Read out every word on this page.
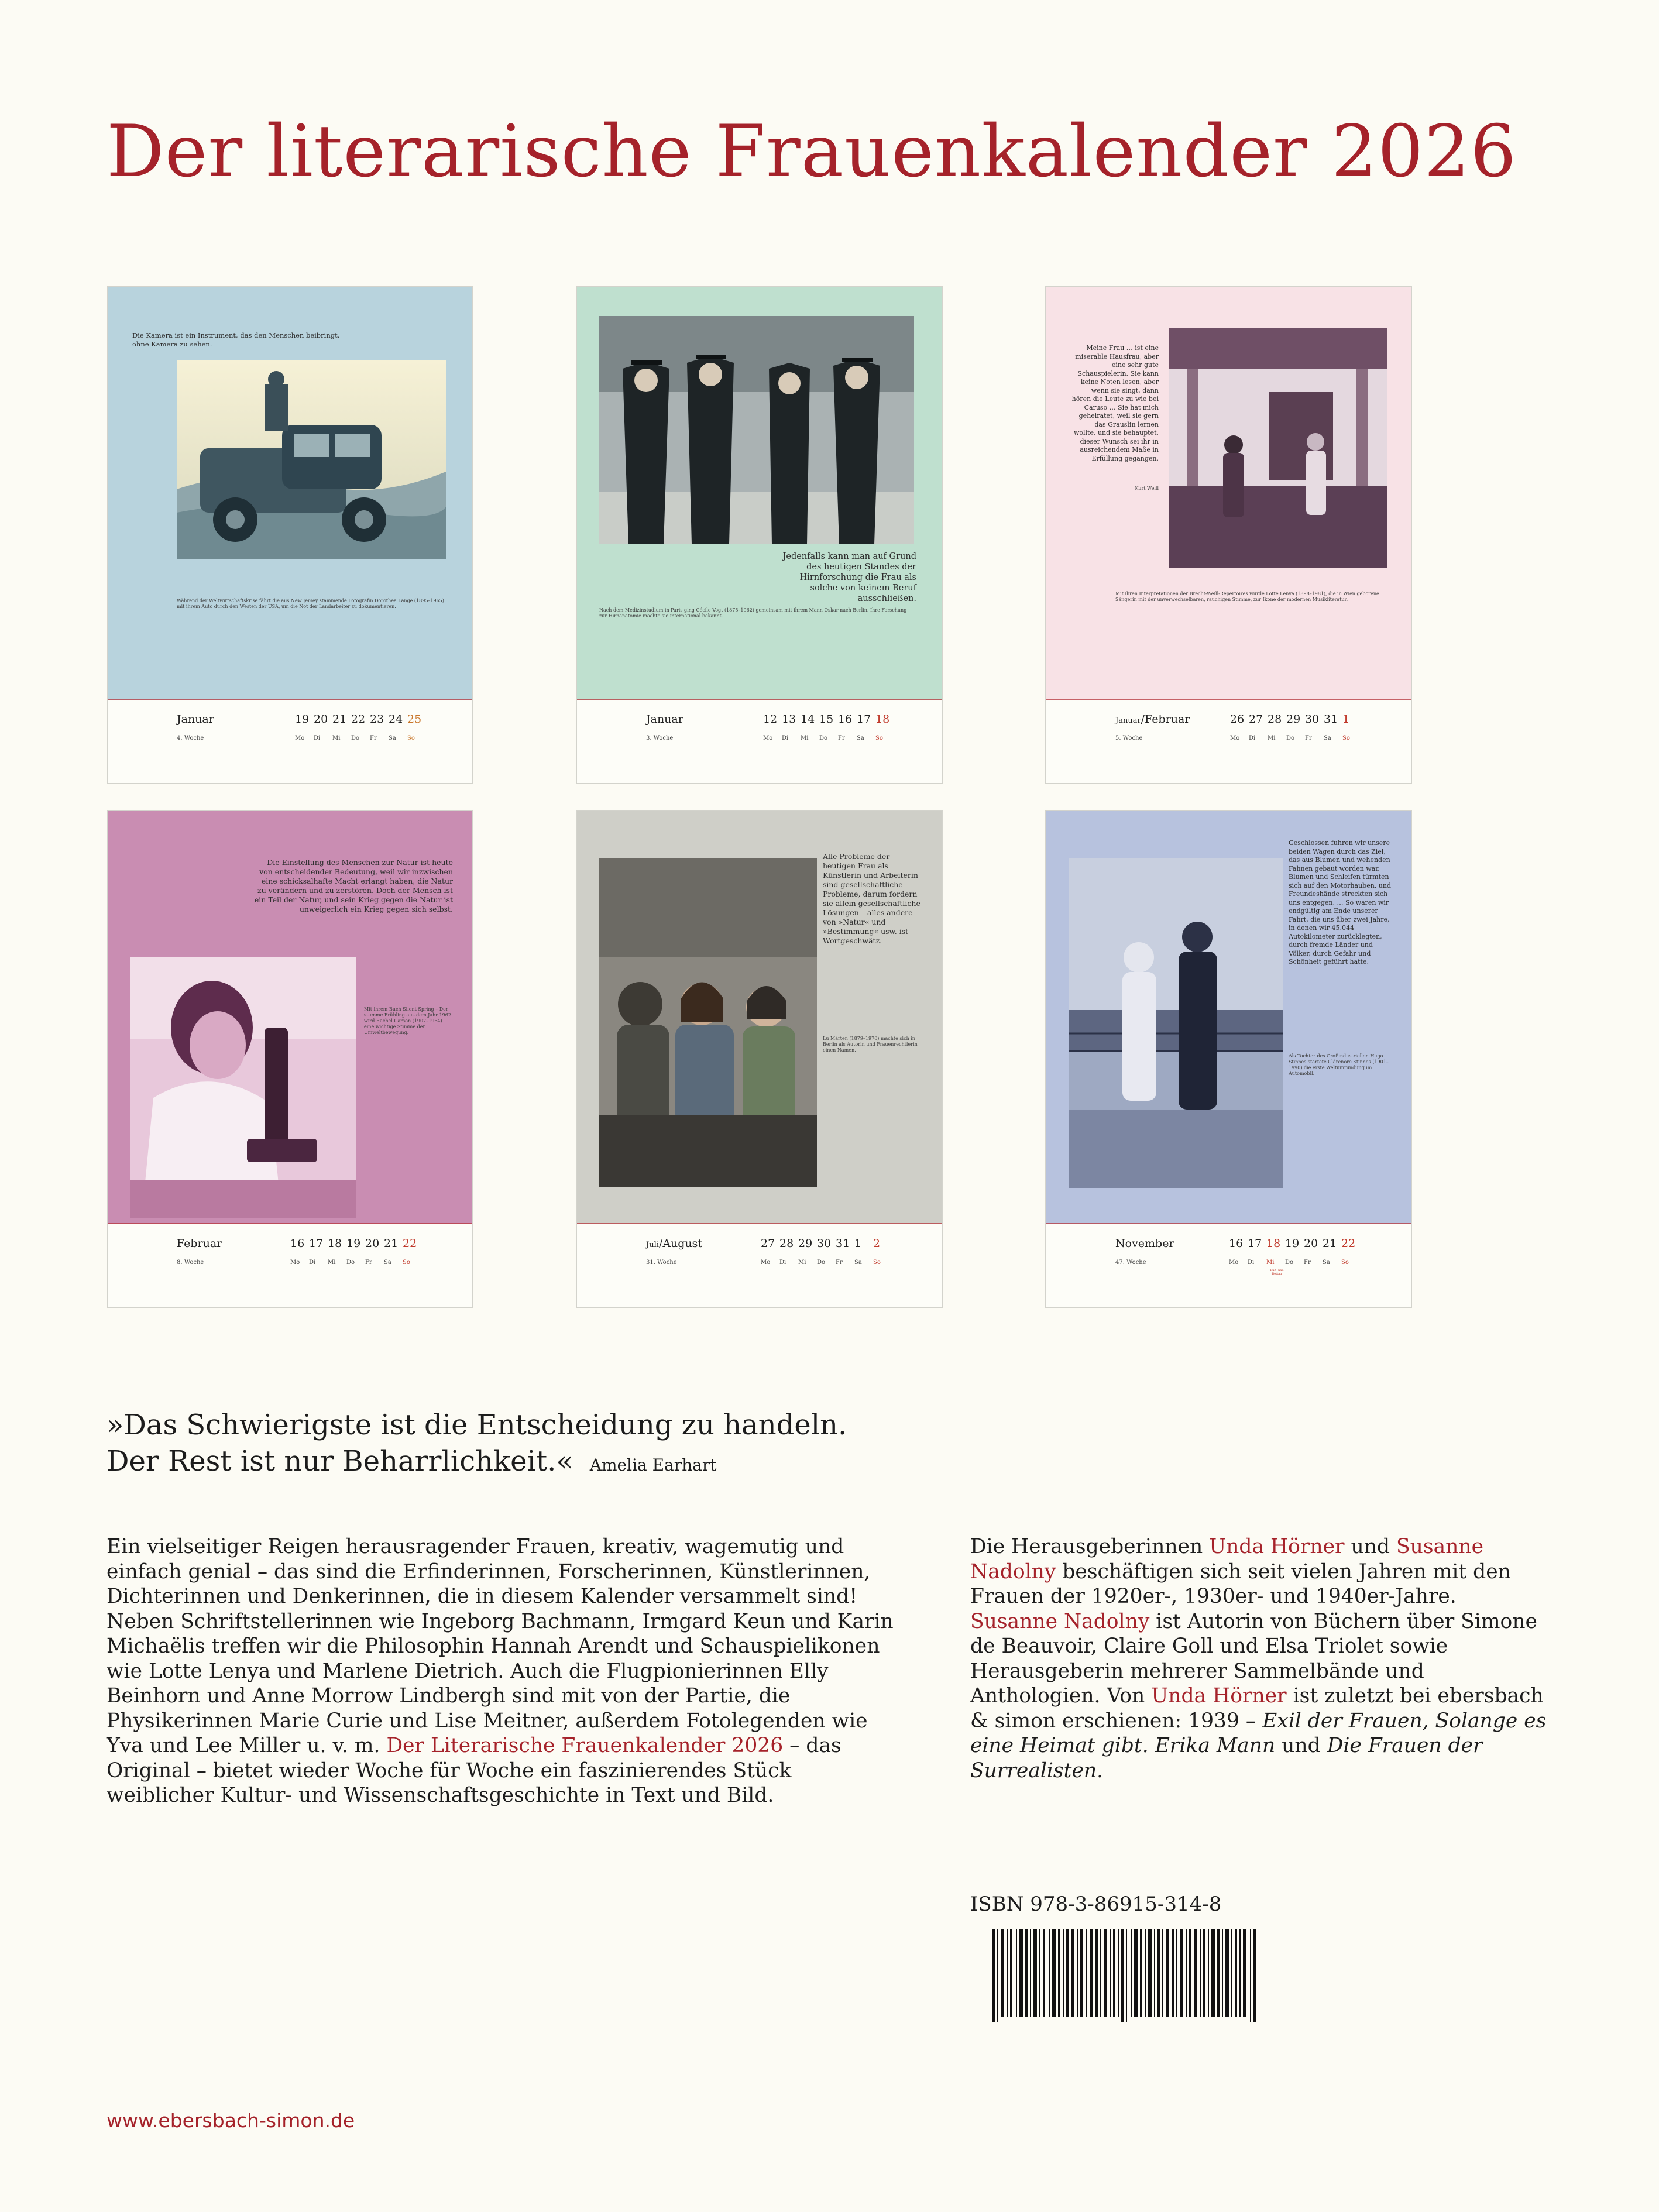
Der literarische Frauenkalender 2026
Die Kamera ist ein Instrument, das den Menschen beibringt, ohne Kamera zu sehen.
Während der Weltwirtschaftskrise fährt die aus New Jersey stammende Fotografin Dorothea Lange (1895–1965) mit ihrem Auto durch den Westen der USA, um die Not der Landarbeiter zu dokumentieren.
Januar
4. Woche
19 20 21 22 23 24 25
Mo	Di	Mi	Do	Fr	Sa	So
Jedenfalls kann man auf Grund des heutigen Standes der Hirnforschung die Frau als solche von keinem Beruf ausschließen.
Nach dem Medizinstudium in Paris ging Cécile Vogt (1875–1962) gemeinsam mit ihrem Mann Oskar nach Berlin. Ihre Forschung zur Hirnanatomie machte sie international bekannt.
Januar
3. Woche
12 13 14 15 16 17 18
Mo	Di	Mi	Do	Fr	Sa	So
Meine Frau … ist eine miserable Hausfrau, aber eine sehr gute Schauspielerin. Sie kann keine Noten lesen, aber wenn sie singt, dann hören die Leute zu wie bei Caruso … Sie hat mich geheiratet, weil sie gern das Grauslin lernen wollte, und sie behauptet, dieser Wunsch sei ihr in ausreichendem Maße in Erfüllung gegangen.
Kurt Weill
Mit ihren Interpretationen der Brecht-Weill-Repertoires wurde Lotte Lenya (1898–1981), die in Wien geborene Sängerin mit der unverwechselbaren, rauchigen Stimme, zur Ikone der modernen Musikliteratur.
Januar/Februar
5. Woche
26 27 28 29 30 31 1
Mo	Di	Mi	Do	Fr	Sa	So
Die Einstellung des Menschen zur Natur ist heute von entscheidender Bedeutung, weil wir inzwischen eine schicksalhafte Macht erlangt haben, die Natur zu verändern und zu zerstören. Doch der Mensch ist ein Teil der Natur, und sein Krieg gegen die Natur ist unweigerlich ein Krieg gegen sich selbst.
Mit ihrem Buch Silent Spring – Der stumme Frühling aus dem Jahr 1962 wird Rachel Carson (1907–1964) eine wichtige Stimme der Umweltbewegung.
Februar
8. Woche
16 17 18 19 20 21 22
Mo	Di	Mi	Do	Fr	Sa	So
Alle Probleme der heutigen Frau als Künstlerin und Arbeiterin sind gesellschaftliche Probleme, darum fordern sie allein gesellschaftliche Lösungen – alles andere von »Natur« und »Bestimmung« usw. ist Wortgeschwätz.
Lu Märten (1879–1970) machte sich in Berlin als Autorin und Frauenrechtlerin einen Namen.
Juli/August
31. Woche
27 28 29 30 31 1	2
Mo	Di	Mi	Do	Fr	Sa	So
Geschlossen fuhren wir unsere beiden Wagen durch das Ziel, das aus Blumen und wehenden Fahnen gebaut worden war. Blumen und Schleifen türmten sich auf den Motorhauben, und Freundeshände streckten sich uns entgegen. … So waren wir endgültig am Ende unserer Fahrt, die uns über zwei Jahre, in denen wir 45.044 Autokilometer zurücklegten, durch fremde Länder und Völker, durch Gefahr und Schönheit geführt hatte.
Als Tochter des Großindustriellen Hugo Stinnes startete Clärenore Stinnes (1901–1990) die erste Weltumrundung im Automobil.
November
47. Woche
16 17 18 19 20 21 22
Mo	Di	Mi	Do	Fr	Sa	So
Buß- und Bettag
»Das Schwierigste ist die Entscheidung zu handeln.
Der Rest ist nur Beharrlichkeit.« Amelia Earhart
Ein vielseitiger Reigen herausragender Frauen, kreativ, wagemutig und einfach genial – das sind die Erfinderinnen, Forscherinnen, Künstlerinnen, Dichterinnen und Denkerinnen, die in diesem Kalender versammelt sind! Neben Schriftstellerinnen wie Ingeborg Bachmann, Irmgard Keun und Karin Michaëlis treffen wir die Philosophin Hannah Arendt und Schauspielikonen wie Lotte Lenya und Marlene Dietrich. Auch die Flugpionierinnen Elly Beinhorn und Anne Morrow Lindbergh sind mit von der Partie, die Physikerinnen Marie Curie und Lise Meitner, außerdem Fotolegenden wie Yva und Lee Miller u. v. m. Der Literarische Frauenkalender 2026 – das Original – bietet wieder Woche für Woche ein faszinierendes Stück weiblicher Kultur- und Wissenschaftsgeschichte in Text und Bild.
Die Herausgeberinnen Unda Hörner und Susanne Nadolny beschäftigen sich seit vielen Jahren mit den Frauen der 1920er-, 1930er- und 1940er-Jahre. Susanne Nadolny ist Autorin von Büchern über Simone de Beauvoir, Claire Goll und Elsa Triolet sowie Herausgeberin mehrerer Sammelbände und Anthologien. Von Unda Hörner ist zuletzt bei ebersbach & simon erschienen: 1939 – Exil der Frauen, Solange es eine Heimat gibt. Erika Mann und Die Frauen der Surrealisten.
ISBN 978-3-86915-314-8
www.ebersbach-simon.de
